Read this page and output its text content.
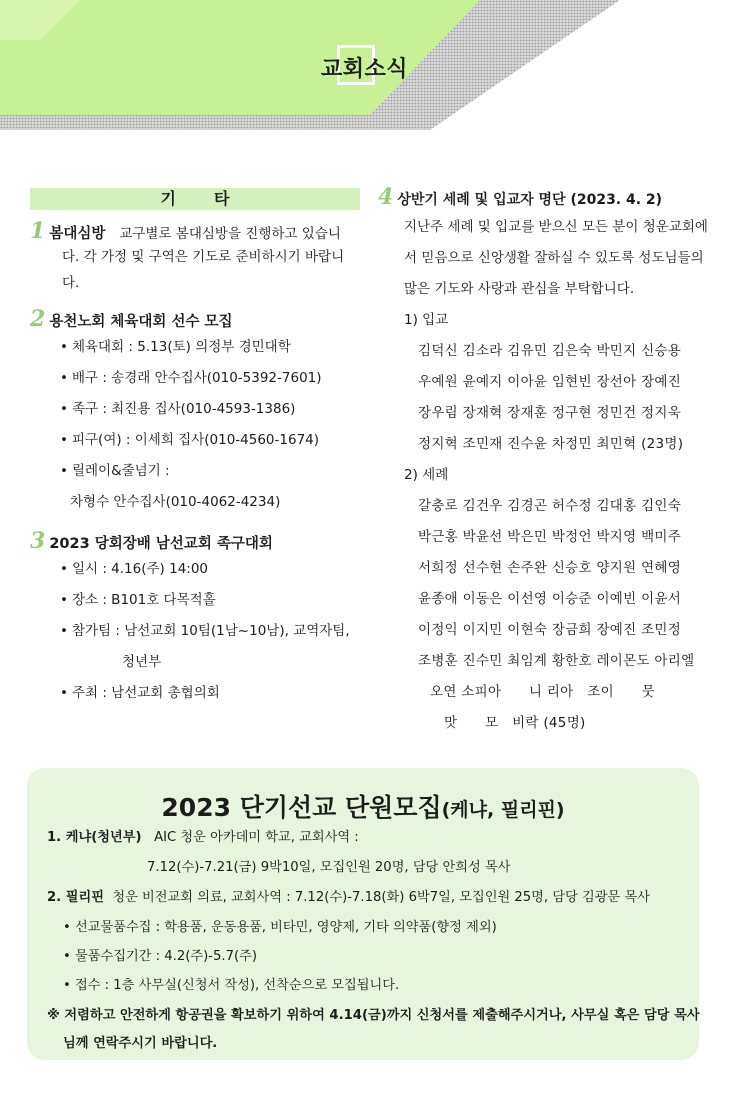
교회소식
기타
1 봄대심방 교구별로 봄대심방을 진행하고 있습니
다. 각 가정 및 구역은 기도로 준비하시기 바랍니다.
2 용천노회 체육대회 선수 모집
• 체육대회 : 5.13(토) 의정부 경민대학
• 배구 : 송경래 안수집사(010-5392-7601)
• 족구 : 최진용 집사(010-4593-1386)
• 피구(여) : 이세희 집사(010-4560-1674)
• 릴레이&줄넘기 :
차형수 안수집사(010-4062-4234)
3 2023 당회장배 남선교회 족구대회
• 일시 : 4.16(주) 14:00
• 장소 : B101호 다목적홀
• 참가팀 : 남선교회 10팀(1남~10남), 교역자팀,
청년부
• 주최 : 남선교회 총협의회
4 상반기 세례 및 입교자 명단 (2023. 4. 2)
지난주 세례 및 입교를 받으신 모든 분이 청운교회에
서 믿음으로 신앙생활 잘하실 수 있도록 성도님들의
많은 기도와 사랑과 관심을 부탁합니다.
1) 입교
김덕신 김소라 김유민 김은숙 박민지 신승용
우예원 윤예지 이아윤 임현빈 장선아 장예진
장우림 장재혁 장재훈 정구현 정민건 정지욱
정지혁 조민재 진수윤 차정민 최민혁 (23명)
2) 세례
갈충로 김건우 김경곤 허수정 김대홍 김인숙
박근홍 박윤선 박은민 박정언 박지영 백미주
서희정 선수현 손주완 신승호 양지원 연혜영
윤종애 이동은 이선영 이승준 이예빈 이윤서
이정익 이지민 이현숙 장금희 장예진 조민정
조병훈 진수민 최임계 황한호 레이몬도 아리엘
오연 소피아　　니 리아　조이　　뭇
맛　　모　비락 (45명)
2023 단기선교 단원모집(케냐, 필리핀)
1. 케냐(청년부) AIC 청운 아카데미 학교, 교회사역 :
7.12(수)-7.21(금) 9박10일, 모집인원 20명, 담당 안희성 목사
2. 필리핀 청운 비전교회 의료, 교회사역 : 7.12(수)-7.18(화) 6박7일, 모집인원 25명, 담당 김광문 목사
• 선교물품수집 : 학용품, 운동용품, 비타민, 영양제, 기타 의약품(향정 제외)
• 물품수집기간 : 4.2(주)-5.7(주)
• 접수 : 1층 사무실(신청서 작성), 선착순으로 모집됩니다.
※ 저렴하고 안전하게 항공권을 확보하기 위하여 4.14(금)까지 신청서를 제출해주시거나, 사무실 혹은 담당 목사
님께 연락주시기 바랍니다.
